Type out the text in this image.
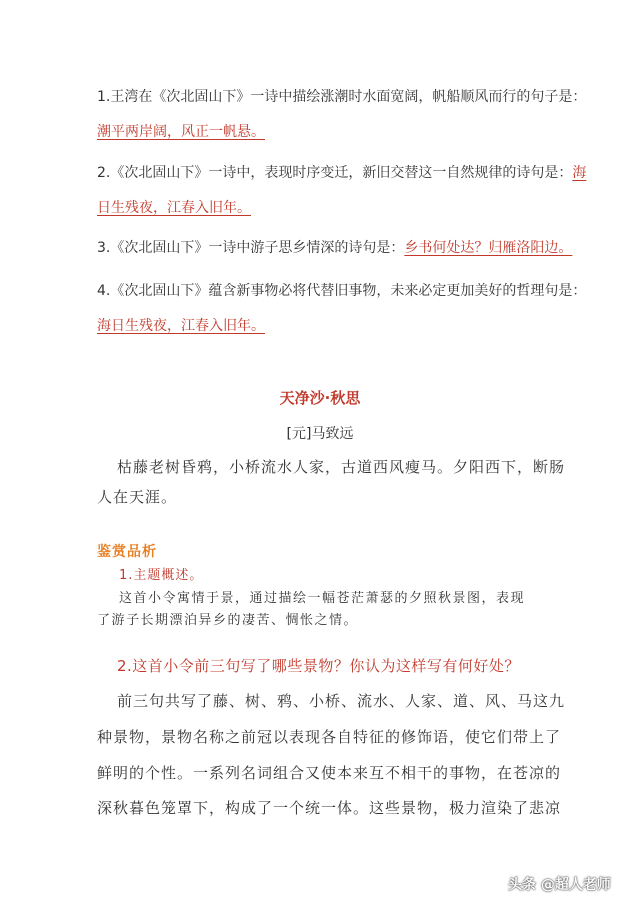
1.王湾在《次北固山下》一诗中描绘涨潮时水面宽阔，帆船顺风而行的句子是：
潮平两岸阔，风正一帆悬。
2.《次北固山下》一诗中，表现时序变迁，新旧交替这一自然规律的诗句是：海
日生残夜，江春入旧年。
3.《次北固山下》一诗中游子思乡情深的诗句是：乡书何处达？归雁洛阳边。
4.《次北固山下》蕴含新事物必将代替旧事物，未来必定更加美好的哲理句是：
海日生残夜，江春入旧年。
天净沙·秋思
[元]马致远
枯藤老树昏鸦，小桥流水人家，古道西风瘦马。夕阳西下，断肠
人在天涯。
鉴赏品析
1.主题概述。
这首小令寓情于景，通过描绘一幅苍茫萧瑟的夕照秋景图，表现
了游子长期漂泊异乡的凄苦、惆怅之情。
2.这首小令前三句写了哪些景物？你认为这样写有何好处？
前三句共写了藤、树、鸦、小桥、流水、人家、道、风、马这九
种景物，景物名称之前冠以表现各自特征的修饰语，使它们带上了
鲜明的个性。一系列名词组合又使本来互不相干的事物，在苍凉的
深秋暮色笼罩下，构成了一个统一体。这些景物，极力渲染了悲凉
头条 @超人老师
